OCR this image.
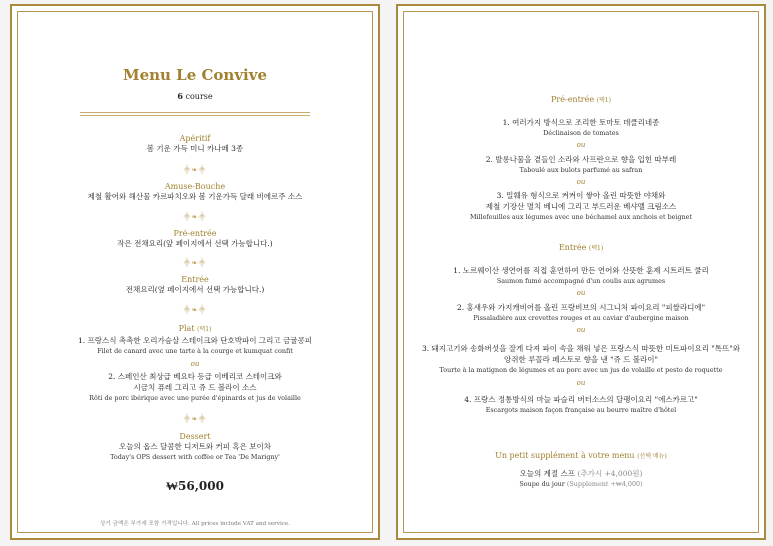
Menu Le Convive
6 course
Apéritif
봄 기운 가득 미니 카나페 3종
⸎❧⸎
Amuse-Bouche
제철 활어와 해산물 카르파치오와 봄 기운가득 달래 비에르주 소스
⸎❧⸎
Pré-entrée
작은 전채요리(앞 페이지에서 선택 가능합니다.)
⸎❧⸎
Entrée
전채요리(옆 페이지에서 선택 가능합니다.)
⸎❧⸎
Plat (택1)
1. 프랑스식 촉촉한 오리가슴살 스테이크와 단호박파이 그리고 금귤콩피
Filet de canard avec une tarte à la courge et kumquat confit
ou
2. 스페인산 최상급 베요타 등급 이베리코 스테이크와
시금치 퓨레 그리고 쥬 드 볼라이 소스
Rôti de porc ibérique avec une purée d'épinards et jus de volaille
⸎❧⸎
Dessert
오늘의 옵스 달콤한 디저트와 커피 혹은 보이차
Today's OPS dessert with coffee or Tea 'De Marigny'
₩56,000
상기 금액은 부가세 포함 가격입니다. All prices include VAT and service.
Pré-entrée (택1)
1. 여러가지 방식으로 조리한 토마토 데클리네종
Déclinaison de tomates
ou
2. 발롱나물을 곁들인 소라와 사프란으로 향을 입힌 따부레
Taboulé aux bulots parfumé au safran
ou
3. 밀훼유 형식으로 켜켜이 쌓아 올린 따뜻한 야채와
제철 기장산 멸치 베니에 그리고 부드러운 베샤멜 크림소스
Millefeuilles aux légumes avec une béchamel aux anchois et beignet
Entrée (택1)
1. 노르웨이산 생연어를 직접 훈연하여 만든 연어와 산뜻한 훈제 시트러트 쿨리
Saumon fumé accompagné d'un coulis aux agrumes
ou
2. 홍새우와 가지캐비어를 올린 프랑비브의 시그니처 파이요리 "피쌀라디에"
Pissaladière aux crevettes rouges et au caviar d'aubergine maison
ou
3. 돼지고기와 송화버섯을 잘게 다져 파이 속을 채워 넣은 프랑스식 따뜻한 미트파이요리 "톡뜨"와
앙쥐한 루꼴라 페스토로 향을 낸 "쥬 드 볼라이"
Tourte à la matignon de légumes et au porc avec un jus de volaille et pesto de roquette
ou
4. 프랑스 정통방식의 마늘 파슬리 버터소스의 달팽이요리 "에스카르고"
Escargots maison façon française au beurre maître d'hôtel
Un petit supplément à votre menu (선택 메뉴)
오늘의 계절 스프 (추가시 +4,000원)
Soupe du jour (Supplement +₩4,000)
